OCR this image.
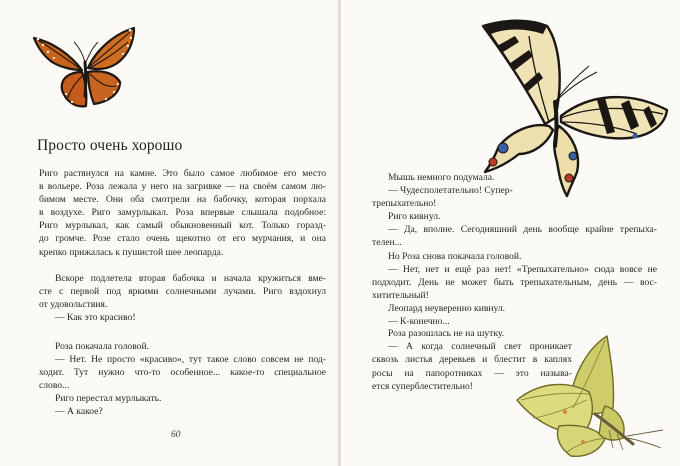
Просто очень хорошо
Риго растянулся на камне. Это было самое любимое его место
в вольере. Роза лежала у него на загривке — на своём самом лю-
бимом месте. Они оба смотрели на бабочку, которая порхала
в воздухе. Риго замурлыкал. Роза впервые слышала подобное:
Риго мурлыкал, как самый обыкновенный кот. Только горазд-
до громче. Розе стало очень щекотно от его мурчания, и она
крепко прижалась к пушистой шее леопарда.
Вскоре подлетела вторая бабочка и начала кружиться вме-
сте с первой под яркими солнечными лучами. Риго вздохнул
от удовольствия.
— Как это красиво!
Роза покачала головой.
— Нет. Не просто «красиво», тут такое слово совсем не под-
ходит. Тут нужно что-то особенное... какое-то специальное
слово...
Риго перестал мурлыкать.
— А какое?
60
Мышь немного подумала.
— Чудесполетательно! Супер-
трепыхательно!
Риго кивнул.
— Да, вполне. Сегодняшний день вообще крайне трепыха-
телен...
Но Роза снова покачала головой.
— Нет, нет и ещё раз нет! «Трепыхательно» сюда вовсе не
подходит. День не может быть трепыхательным, день — вос-
хитительный!
Леопард неуверенно кивнул.
— К-конечно...
Роза разошлась не на шутку.
— А когда солнечный свет проникает
сквозь листья деревьев и блестит в каплях
росы на папоротниках — это называ-
ется суперблестительно!
